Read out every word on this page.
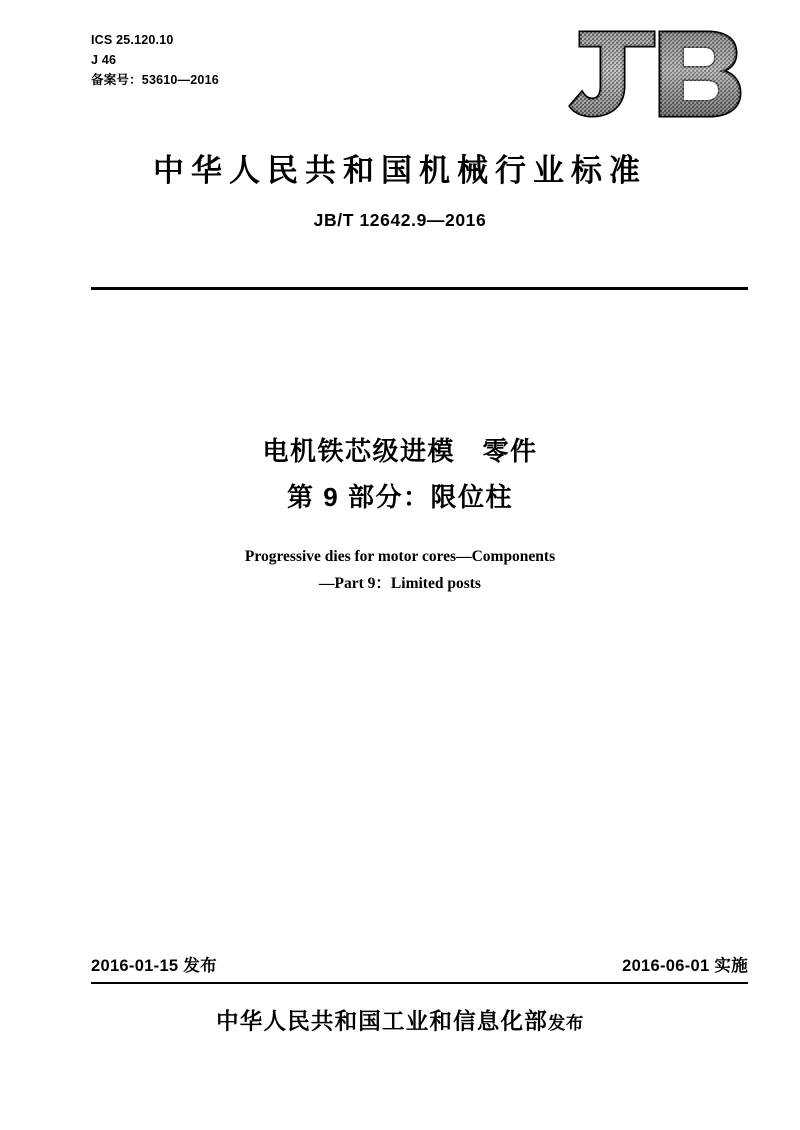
ICS 25.120.10
J 46
备案号：53610—2016
中华人民共和国机械行业标准
JB/T 12642.9—2016
电机铁芯级进模　零件
第 9 部分：限位柱
Progressive dies for motor cores—Components
—Part 9：Limited posts
2016-01-15 发布	2016-06-01 实施
中华人民共和国工业和信息化部发布
